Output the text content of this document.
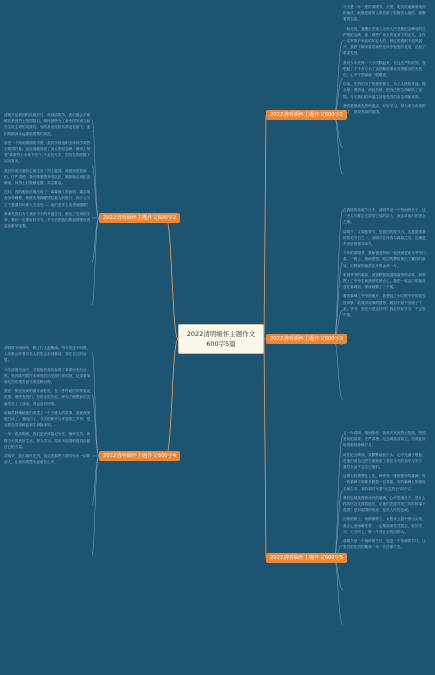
2022清明缅怀主题作文600字5篇
2022清明缅怀主题作文600字1
2022清明缅怀主题作文600字2
2022清明缅怀主题作文600字3
2022清明缅怀主题作文600字4
2022清明缅怀主题作文600字5

今天是一年一度的清明节，天蒙，阴沉沉地飘着细细的雨丝，就像是谁的人都有那了很痛苦大地的，被醉着着去祖。

一路无忧，我遭正在她入正前人民英雄纪念碑前的庄严的纪念碑，那「那些广场上的花朵下的无名。正在一名军事护家如的年轻人的，鲜红的旗帜下迎风展开，我停下脚步看着那些在风中摇曳的花朵，记起了革命先烈。

我们少年先锋一下子沉默起来。在这庄严的时刻，我想起了千千万万为了祖国解放事业英勇献身的先烈们，心中不禁涌起一股敬意。

以前，先烈们为了民族的独立，为了人民的幸福，抛头颅、洒热血，前赴后继，把自己的生命献给了祖国。今天我们的幸福生活是先烈们用生命换来的。

我们要继承先烈的遗志，好好学习，努力成为有用的人才，建设美丽的祖国。

在我国的传统节日中，清明节是一个特别的日子，这一天人们都会去祭奠已故的亲人，表达对他们的思念之情。

清明节，又叫踏青节，是我国传统节日，也是最重要的祭祀节日之一。清明节在仲春与暮春之交，也就是冬至后的第108天。

今年的清明节，我和爸爸妈妈一起回到老家为爷爷扫墓。一路上，细雨蒙蒙，路边的柳树抽出了嫩绿的新芽，田野里的油菜花开得金黄一片。

来到爷爷的墓前，爸爸默默地清理墓旁的杂草，妈妈摆上了爷爷生前最爱吃的点心，我把一束洁白的菊花放在墓碑前，深深地鞠了三个躬。

看着墓碑上爷爷的照片，我想起了小时候爷爷带我去放风筝、给我讲故事的情景，眼泪不知不觉流了下来。爷爷，您在天堂还好吗？我会好好学习，不让您失望。

又一年清明，细雨如丝，我再次来到烈士陵园。陵园里松柏常青，庄严肃穆，纪念碑高高耸立，仿佛在诉说着那段峥嵘岁月。

站在纪念碑前，我默默地低下头，心中充满了敬意。是他们用自己的生命换来了我们今天的和平与安宁，我们永远不会忘记他们。

沿着石阶慢慢往上走，两旁是一排排整齐的墓碑，每一块墓碑下面都长眠着一位英雄。有的墓碑上刻着姓名和生平，有的却只写着"无名烈士"四个字。

我轻轻地抚摸着冰冷的墓碑，心中思绪万千。是什么样的信念支撑着他们，让他们在面对死亡的时候毫不畏惧？是对祖国的热爱，是对人民的忠诚。

回家的路上，雨渐渐停了，太阳从云层中探出头来。我在心里暗暗发誓：一定要继承先烈遗志，好好学习，天天向上，做一个对社会有用的人。

清明节是一个缅怀的节日，也是一个传承的节日。让我们把先烈的精神一代一代传承下去。

清明节是我国的传统节日，每到清明节，我们都会手拿鲜花来到烈士陵园祭扫，缅怀那些为了新中国的成立献出宝贵生命的英雄们，有的甚至连姓名都没有留下，他们的精神永远激励着我们前进。

那是一个阴雨绵绵的早晨，我们学校组织全体同学到烈士陵园扫墓。远远地就看到了高大的纪念碑，碑身上刻着"革命烈士永垂不朽"八个金色大字，在阳光的照耀下闪闪发光。

我们怀着沉重的心情走进了烈士陵园。陵园里苍松翠柏，庄严肃穆，我们排着整齐的队伍，默默地走到纪念碑前，向烈士们敬献花圈，肃立默哀。

这时，我的眼前仿佛出现了一幕幕战斗的画面：董存瑞舍身炸碉堡、黄继光用胸膛堵住敌人的枪口、邱少云为了不暴露目标被大火烧死……他们是多么英勇顽强啊！

革命先烈们为了我们今天的幸福生活，献出了宝贵的生命，我们一定要好好学习，长大后把我们的祖国建设得更加繁荣富强。

清明时节雨纷纷，路上行人欲断魂。每年的这个时候，人们都会怀着对先人的思念来到墓前，寄托自己的哀思。

今年清明节前夕，学校组织我们参观了革命历史纪念馆。馆内陈列着许多珍贵的历史照片和实物，记录着革命先烈们艰苦奋斗的光辉历程。

我在一张张发黄的照片前驻足，在一件件破旧的军装前沉思。那些先烈们，有的还很年轻，却为了理想和信念毅然走上了战场，再也没有回来。

讲解员阿姨给我们讲述了一个个感人的故事，我被深深地打动了。我明白了，今天的和平与幸福来之不易，是无数先烈用鲜血和生命换来的。

一年一度清明到，我们更应该铭记历史，缅怀先烈，珍惜今天的美好生活，努力学习，将来为祖国的建设贡献自己的力量。

清明节，我们缅怀先烈，也追思那些为我们付出一切的亲人，让爱和感恩永远留在心中。
